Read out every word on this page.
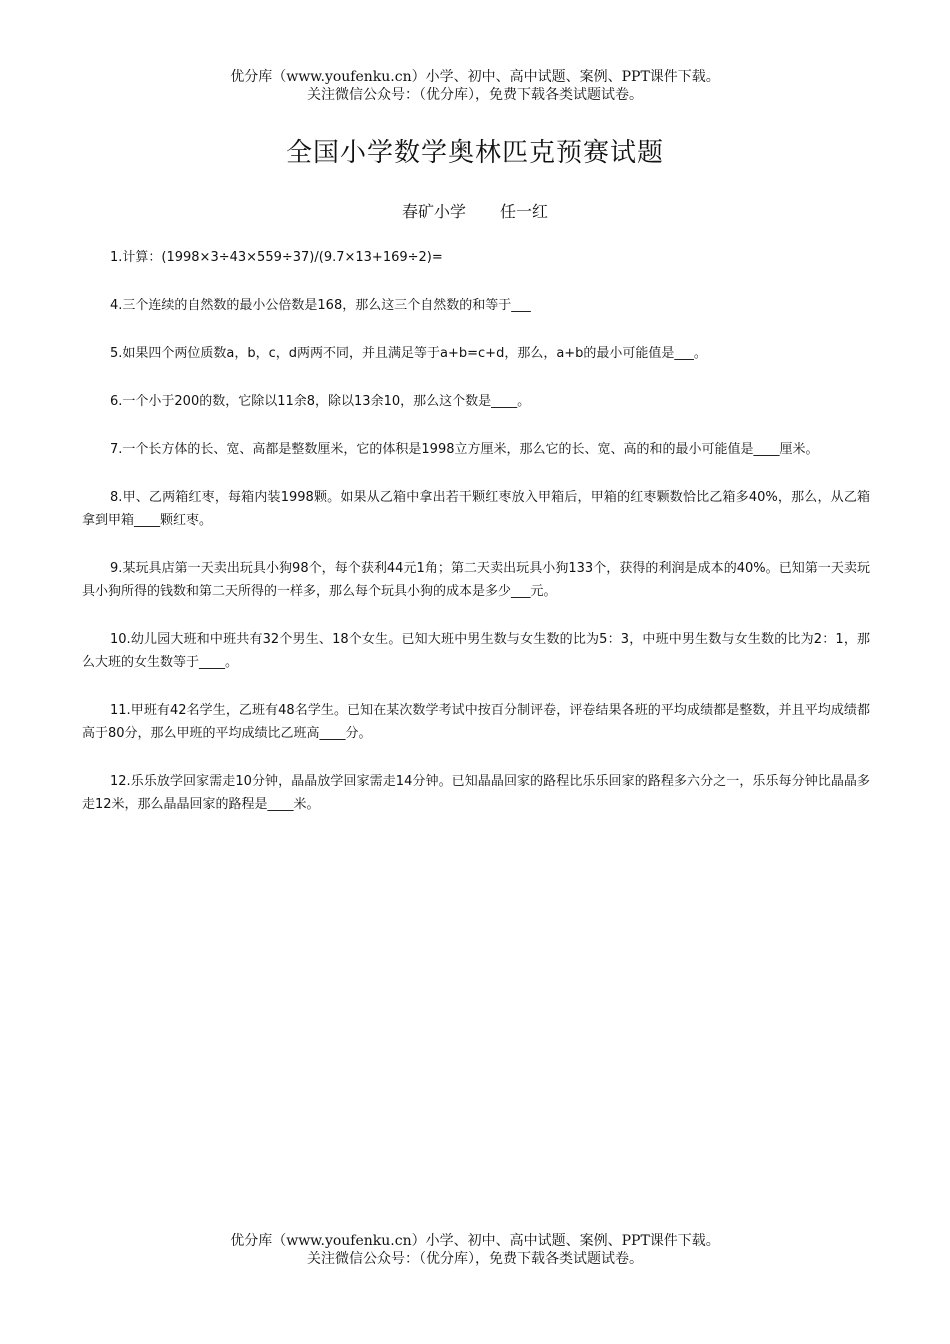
优分库（www.youfenku.cn）小学、初中、高中试题、案例、PPT课件下载。
关注微信公众号：（优分库），免费下载各类试题试卷。
全国小学数学奥林匹克预赛试题
春矿小学 任一红

1.计算：(1998×3÷43×559÷37)/(9.7×13+169÷2)=

4.三个连续的自然数的最小公倍数是168，那么这三个自然数的和等于___

5.如果四个两位质数a，b，c，d两两不同，并且满足等于a+b=c+d，那么，a+b的最小可能值是___。

6.一个小于200的数，它除以11余8，除以13余10，那么这个数是____。

7.一个长方体的长、宽、高都是整数厘米，它的体积是1998立方厘米，那么它的长、宽、高的和的最小可能值是____厘米。

8.甲、乙两箱红枣，每箱内装1998颗。如果从乙箱中拿出若干颗红枣放入甲箱后，甲箱的红枣颗数恰比乙箱多40%，那么，从乙箱拿到甲箱____颗红枣。

9.某玩具店第一天卖出玩具小狗98个，每个获利44元1角；第二天卖出玩具小狗133个，获得的利润是成本的40%。已知第一天卖玩具小狗所得的钱数和第二天所得的一样多，那么每个玩具小狗的成本是多少___元。

10.幼儿园大班和中班共有32个男生、18个女生。已知大班中男生数与女生数的比为5：3，中班中男生数与女生数的比为2：1，那么大班的女生数等于____。

11.甲班有42名学生，乙班有48名学生。已知在某次数学考试中按百分制评卷，评卷结果各班的平均成绩都是整数，并且平均成绩都高于80分，那么甲班的平均成绩比乙班高____分。

12.乐乐放学回家需走10分钟，晶晶放学回家需走14分钟。已知晶晶回家的路程比乐乐回家的路程多六分之一，乐乐每分钟比晶晶多走12米，那么晶晶回家的路程是____米。

优分库（www.youfenku.cn）小学、初中、高中试题、案例、PPT课件下载。
关注微信公众号：（优分库），免费下载各类试题试卷。
